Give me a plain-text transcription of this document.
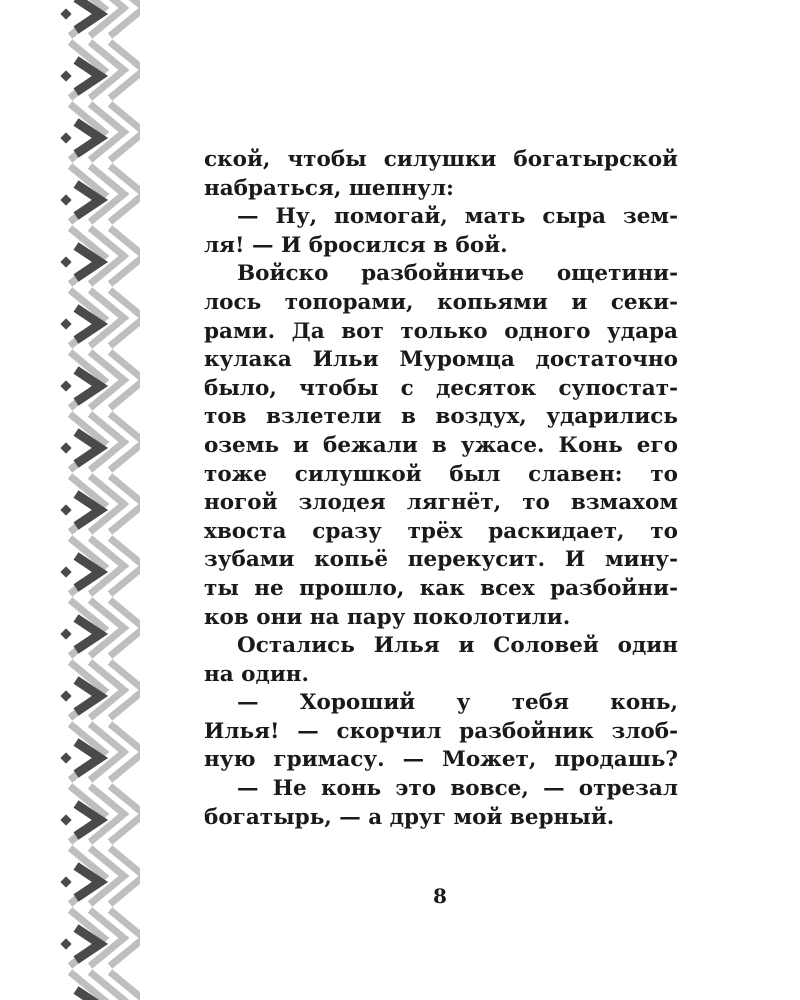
ской, чтобы силушки богатырской
набраться, шепнул:
— Ну, помогай, мать сыра зем-
ля! — И бросился в бой.
Войско разбойничье ощетини-
лось топорами, копьями и секи-
рами. Да вот только одного удара
кулака Ильи Муромца достаточно
было, чтобы с десяток супостат-
тов взлетели в воздух, ударились
оземь и бежали в ужасе. Конь его
тоже силушкой был славен: то
ногой злодея лягнёт, то взмахом
хвоста сразу трёх раскидает, то
зубами копьё перекусит. И мину-
ты не прошло, как всех разбойни-
ков они на пару поколотили.
Остались Илья и Соловей один
на один.
— Хороший у тебя конь,
Илья! — скорчил разбойник злоб-
ную гримасу. — Может, продашь?
— Не конь это вовсе, — отрезал
богатырь, — а друг мой верный.
8
